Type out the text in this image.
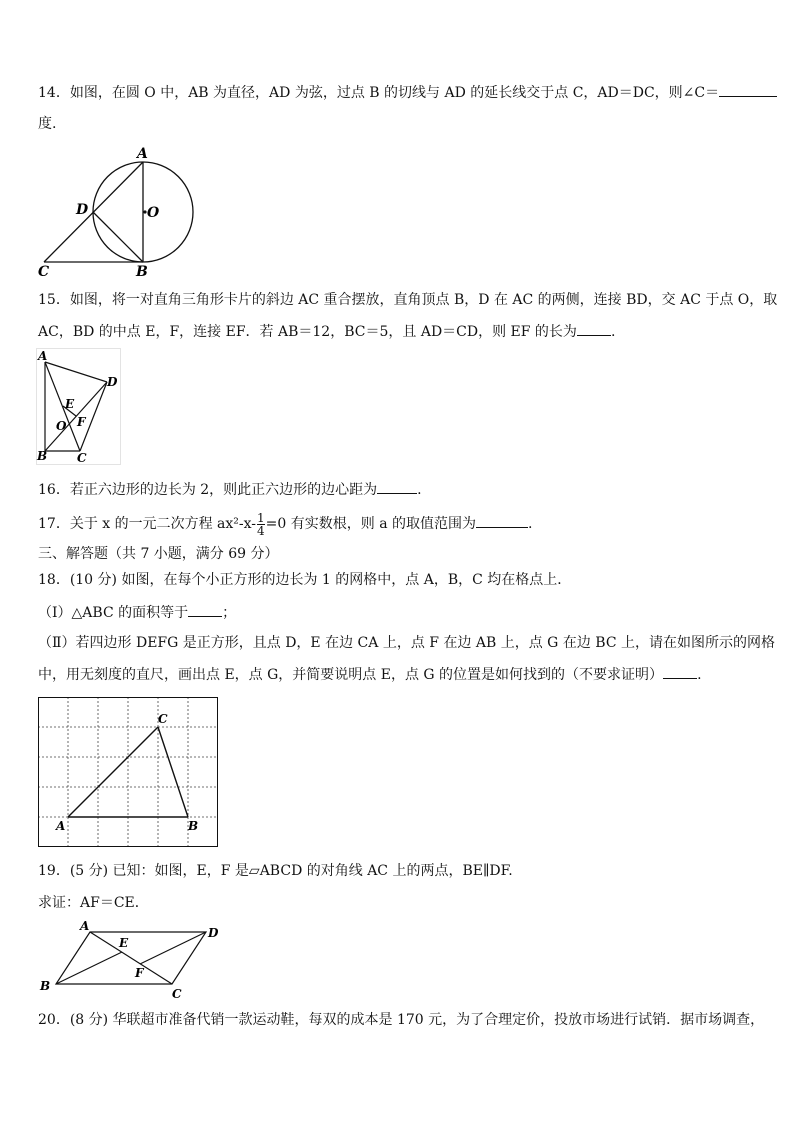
14．如图，在圆 O 中，AB 为直径，AD 为弦，过点 B 的切线与 AD 的延长线交于点 C，AD＝DC，则∠C＝
度.
A
O
D
C	B
15．如图，将一对直角三角形卡片的斜边 AC 重合摆放，直角顶点 B，D 在 AC 的两侧，连接 BD，交 AC 于点 O，取
AC，BD 的中点 E，F，连接 EF．若 AB＝12，BC＝5，且 AD＝CD，则 EF 的长为 .
A
D
E
F
O
B C
16．若正六边形的边长为 2，则此正六边形的边心距为	.
17．关于 x 的一元二次方程 $ax^2-x- \frac{1}{4} =0$ 有实数根，则 a 的取值范围为	.
三、解答题（共 7 小题，满分 69 分）
18．(10 分) 如图，在每个小正方形的边长为 1 的网格中，点 A，B，C 均在格点上．
（Ⅰ）△ABC 的面积等于 ；
（Ⅱ）若四边形 DEFG 是正方形，且点 D，E 在边 CA 上，点 F 在边 AB 上，点 G 在边 BC 上，请在如图所示的网格
中，用无刻度的直尺，画出点 E，点 G，并简要说明点 E，点 G 的位置是如何找到的（不要求证明） .
A	B
C
19．(5 分) 已知：如图，E，F 是▱ABCD 的对角线 AC 上的两点，BE∥DF.
求证：AF＝CE．
A
E
D
F
B
C
20．(8 分) 华联超市准备代销一款运动鞋，每双的成本是 170 元，为了合理定价，投放市场进行试销．据市场调查，
